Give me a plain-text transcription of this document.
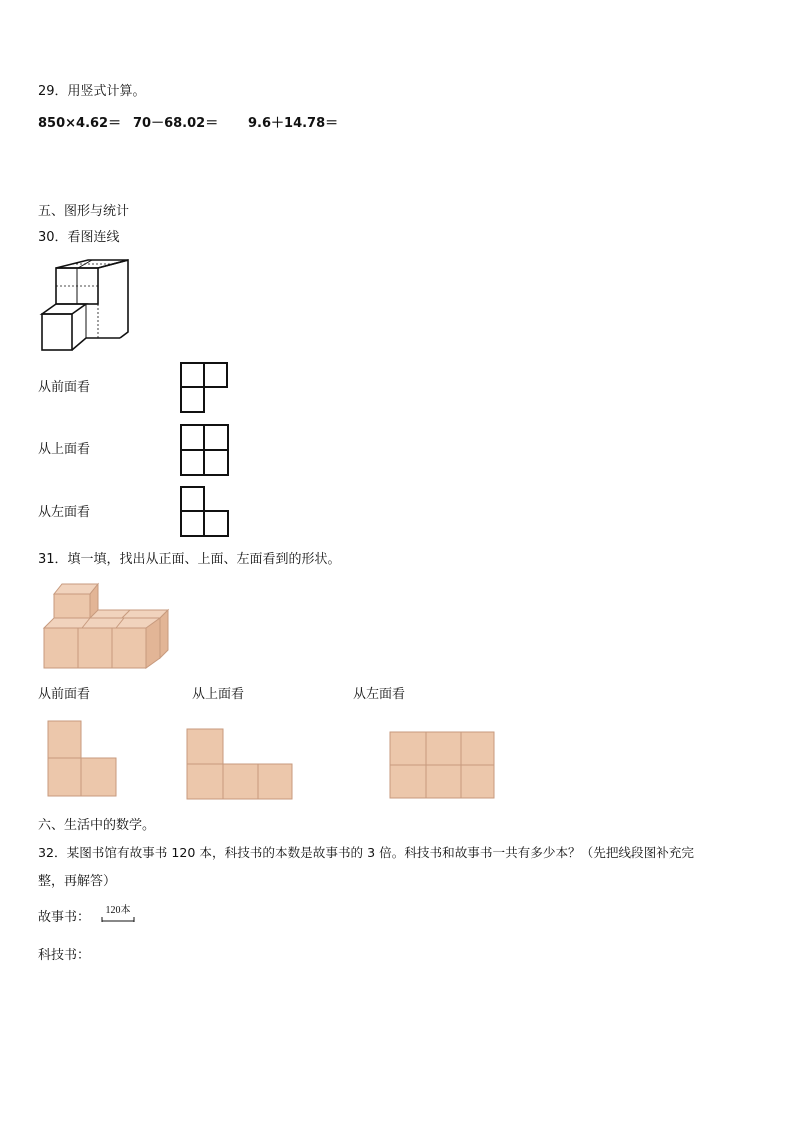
29．用竖式计算。
850×4.62＝ 70－68.02＝ 9.6＋14.78＝
五、图形与统计
30．看图连线
从前面看
从上面看
从左面看
31．填一填，找出从正面、上面、左面看到的形状。
从前面看	从上面看	从左面看
六、生活中的数学。
32．某图书馆有故事书 120 本，科技书的本数是故事书的 3 倍。科技书和故事书一共有多少本？（先把线段图补充完
整，再解答）
故事书：	120本
科技书：
